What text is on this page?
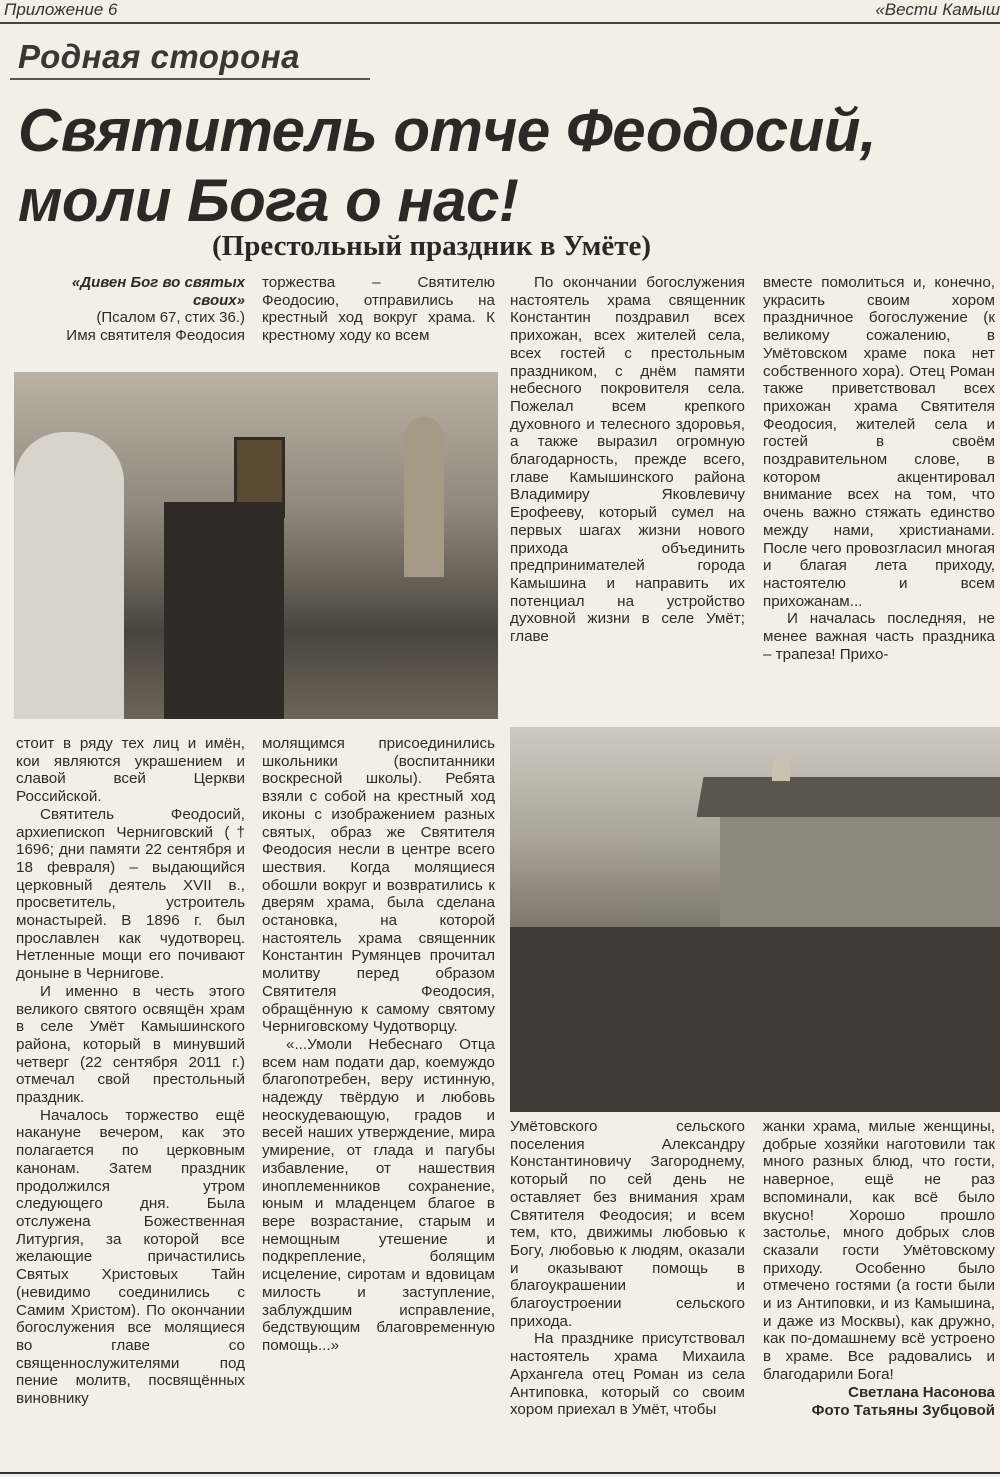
Приложение 6	«Вести Камыш
Родная сторона
Святитель отче Феодосий,
моли Бога о нас!
(Престольный праздник в Умёте)
«Дивен Бог во святых своих»
(Псалом 67, стих 36.)

Имя святителя Феодосия

торжества – Святителю Феодосию, отправились на крестный ход вокруг храма. К крестному ходу ко всем

По окончании богослужения настоятель храма священник Константин поздравил всех прихожан, всех жителей села, всех гостей с престольным праздником, с днём памяти небесного покровителя села. Пожелал всем крепкого духовного и телесного здоровья, а также выразил огромную благодарность, прежде всего, главе Камышинского района Владимиру Яковлевичу Ерофееву, который сумел на первых шагах жизни нового прихода объединить предпринимателей города Камышина и направить их потенциал на устройство духовной жизни в селе Умёт; главе

вместе помолиться и, конечно, украсить своим хором праздничное богослужение (к великому сожалению, в Умётовском храме пока нет собственного хора). Отец Роман также приветствовал всех прихожан храма Святителя Феодосия, жителей села и гостей в своём поздравительном слове, в котором акцентировал внимание всех на том, что очень важно стяжать единство между нами, христианами. После чего провозгласил многая и благая лета приходу, настоятелю и всем прихожанам...

И началась последняя, не менее важная часть праздника – трапеза! Прихо-

стоит в ряду тех лиц и имён, кои являются украшением и славой всей Церкви Российской.

Святитель Феодосий, архиепископ Черниговский († 1696; дни памяти 22 сентября и 18 февраля) – выдающийся церковный деятель XVII в., просветитель, устроитель монастырей. В 1896 г. был прославлен как чудотворец. Нетленные мощи его почивают доныне в Чернигове.

И именно в честь этого великого святого освящён храм в селе Умёт Камышинского района, который в минувший четверг (22 сентября 2011 г.) отмечал свой престольный праздник.

Началось торжество ещё накануне вечером, как это полагается по церковным канонам. Затем праздник продолжился утром следующего дня. Была отслужена Божественная Литургия, за которой все желающие причастились Святых Христовых Тайн (невидимо соединились с Самим Христом). По окончании богослужения все молящиеся во главе со священнослужителями под пение молитв, посвящённых виновнику

молящимся присоединились школьники (воспитанники воскресной школы). Ребята взяли с собой на крестный ход иконы с изображением разных святых, образ же Святителя Феодосия несли в центре всего шествия. Когда молящиеся обошли вокруг и возвратились к дверям храма, была сделана остановка, на которой настоятель храма священник Константин Румянцев прочитал молитву перед образом Святителя Феодосия, обращённую к самому святому Черниговскому Чудотворцу.

«...Умоли Небеснаго Отца всем нам подати дар, коемуждо благопотребен, веру истинную, надежду твёрдую и любовь неоскудевающую, градов и весей наших утверждение, мира умирение, от глада и пагубы избавление, от нашествия иноплеменников сохранение, юным и младенцем благое в вере возрастание, старым и немощным утешение и подкрепление, болящим исцеление, сиротам и вдовицам милость и заступление, заблуждшим исправление, бедствующим благовременную помощь...»

Умётовского сельского поселения Александру Константиновичу Загороднему, который по сей день не оставляет без внимания храм Святителя Феодосия; и всем тем, кто, движимы любовью к Богу, любовью к людям, оказали и оказывают помощь в благоукрашении и благоустроении сельского прихода.

На празднике присутствовал настоятель храма Михаила Архангела отец Роман из села Антиповка, который со своим хором приехал в Умёт, чтобы

жанки храма, милые женщины, добрые хозяйки наготовили так много разных блюд, что гости, наверное, ещё не раз вспоминали, как всё было вкусно! Хорошо прошло застолье, много добрых слов сказали гости Умётовскому приходу. Особенно было отмечено гостями (а гости были и из Антиповки, и из Камышина, и даже из Москвы), как дружно, как по-домашнему всё устроено в храме. Все радовались и благодарили Бога!

Светлана Насонова
Фото Татьяны Зубцовой
